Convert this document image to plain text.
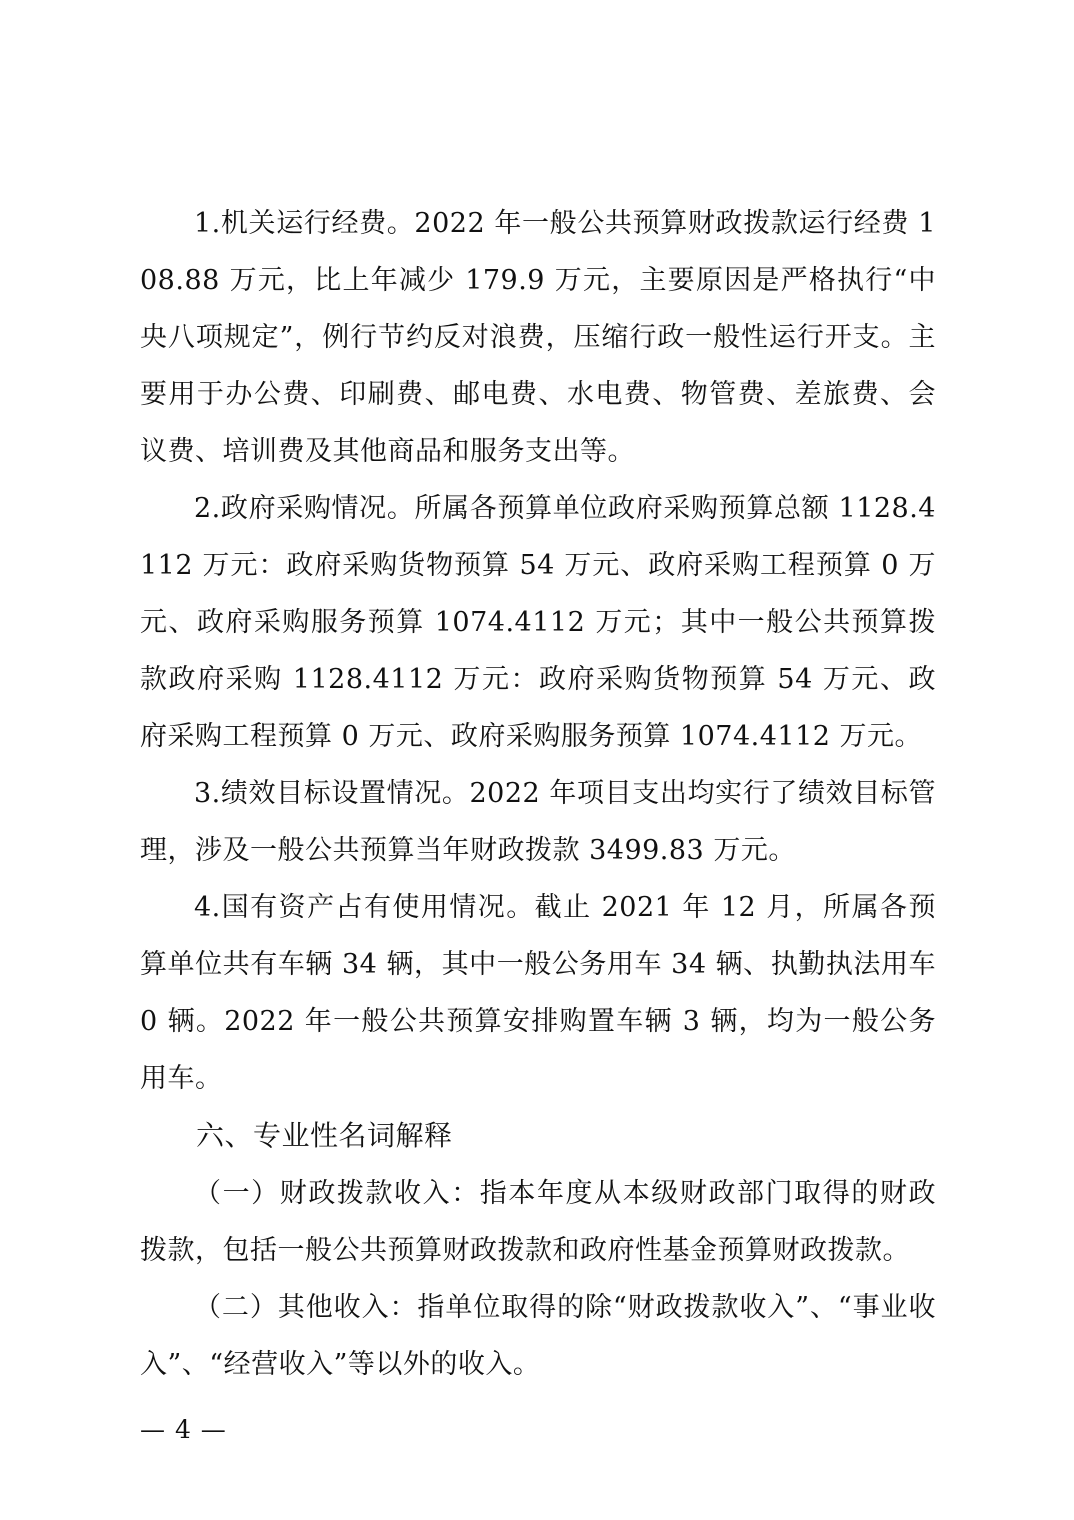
1.机关运行经费。2022 年一般公共预算财政拨款运行经费 108.88 万元，比上年减少 179.9 万元，主要原因是严格执行“中央八项规定”，例行节约反对浪费，压缩行政一般性运行开支。主要用于办公费、印刷费、邮电费、水电费、物管费、差旅费、会议费、培训费及其他商品和服务支出等。

2.政府采购情况。所属各预算单位政府采购预算总额 1128.4112 万元：政府采购货物预算 54 万元、政府采购工程预算 0 万元、政府采购服务预算 1074.4112 万元；其中一般公共预算拨款政府采购 1128.4112 万元：政府采购货物预算 54 万元、政府采购工程预算 0 万元、政府采购服务预算 1074.4112 万元。

3.绩效目标设置情况。2022 年项目支出均实行了绩效目标管理，涉及一般公共预算当年财政拨款 3499.83 万元。

4.国有资产占有使用情况。截止 2021 年 12 月，所属各预算单位共有车辆 34 辆，其中一般公务用车 34 辆、执勤执法用车 0 辆。2022 年一般公共预算安排购置车辆 3 辆，均为一般公务用车。

六、专业性名词解释

（一）财政拨款收入：指本年度从本级财政部门取得的财政拨款，包括一般公共预算财政拨款和政府性基金预算财政拨款。

（二）其他收入：指单位取得的除“财政拨款收入”、“事业收入”、“经营收入”等以外的收入。

— 4 —
